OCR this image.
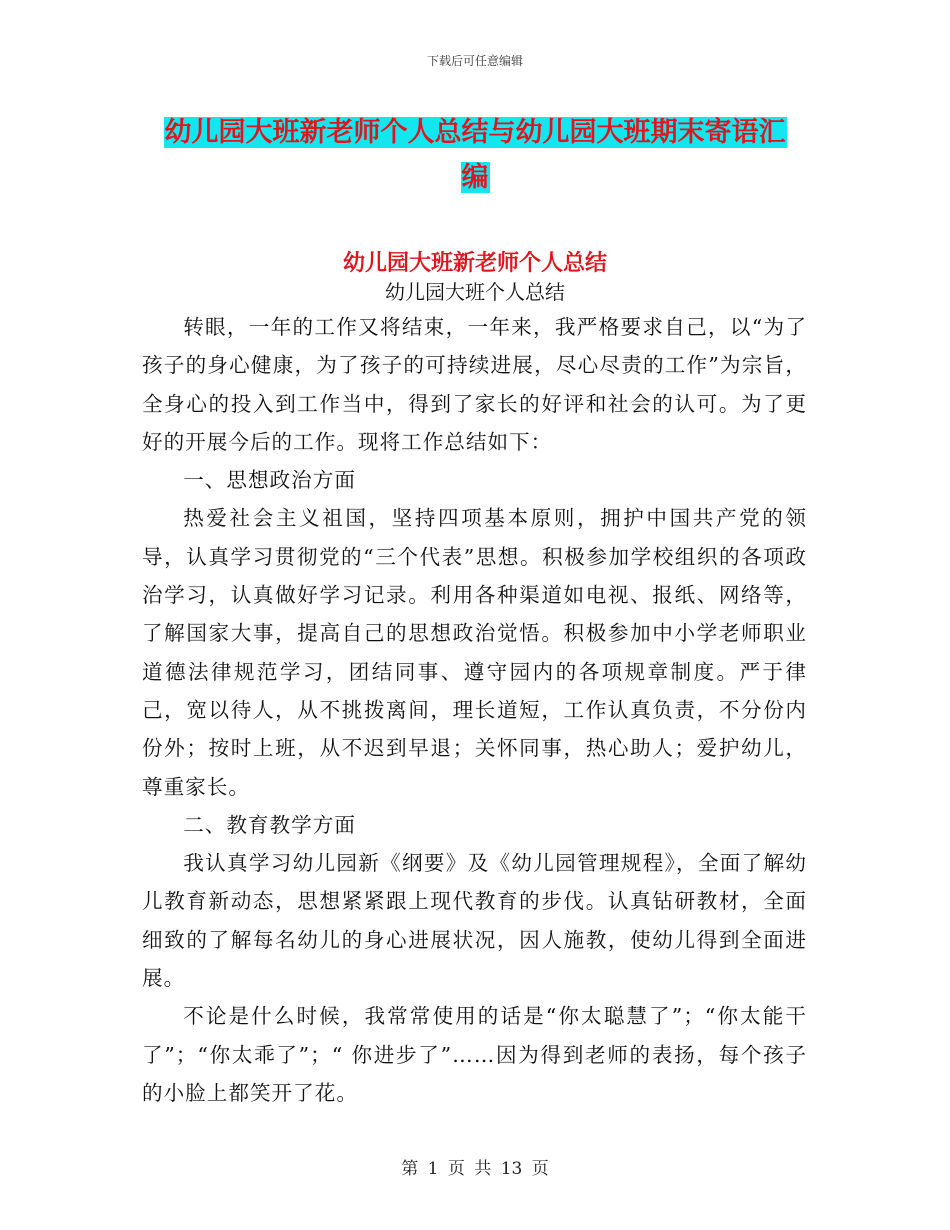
下载后可任意编辑
幼儿园大班新老师个人总结与幼儿园大班期末寄语汇
编
幼儿园大班新老师个人总结
幼儿园大班个人总结

转眼，一年的工作又将结束，一年来，我严格要求自己，以“为了孩子的身心健康，为了孩子的可持续进展，尽心尽责的工作”为宗旨，全身心的投入到工作当中，得到了家长的好评和社会的认可。为了更好的开展今后的工作。现将工作总结如下：

一、思想政治方面

热爱社会主义祖国，坚持四项基本原则，拥护中国共产党的领导，认真学习贯彻党的“三个代表”思想。积极参加学校组织的各项政治学习，认真做好学习记录。利用各种渠道如电视、报纸、网络等，了解国家大事，提高自己的思想政治觉悟。积极参加中小学老师职业道德法律规范学习，团结同事、遵守园内的各项规章制度。严于律己，宽以待人，从不挑拨离间，理长道短，工作认真负责，不分份内份外；按时上班，从不迟到早退；关怀同事，热心助人；爱护幼儿，尊重家长。

二、教育教学方面

我认真学习幼儿园新《纲要》及《幼儿园管理规程》，全面了解幼儿教育新动态，思想紧紧跟上现代教育的步伐。认真钻研教材，全面细致的了解每名幼儿的身心进展状况，因人施教，使幼儿得到全面进展。

不论是什么时候，我常常使用的话是“你太聪慧了”；“你太能干了”；“你太乖了”；“ 你进步了”……因为得到老师的表扬，每个孩子的小脸上都笑开了花。

第 1 页 共 13 页
